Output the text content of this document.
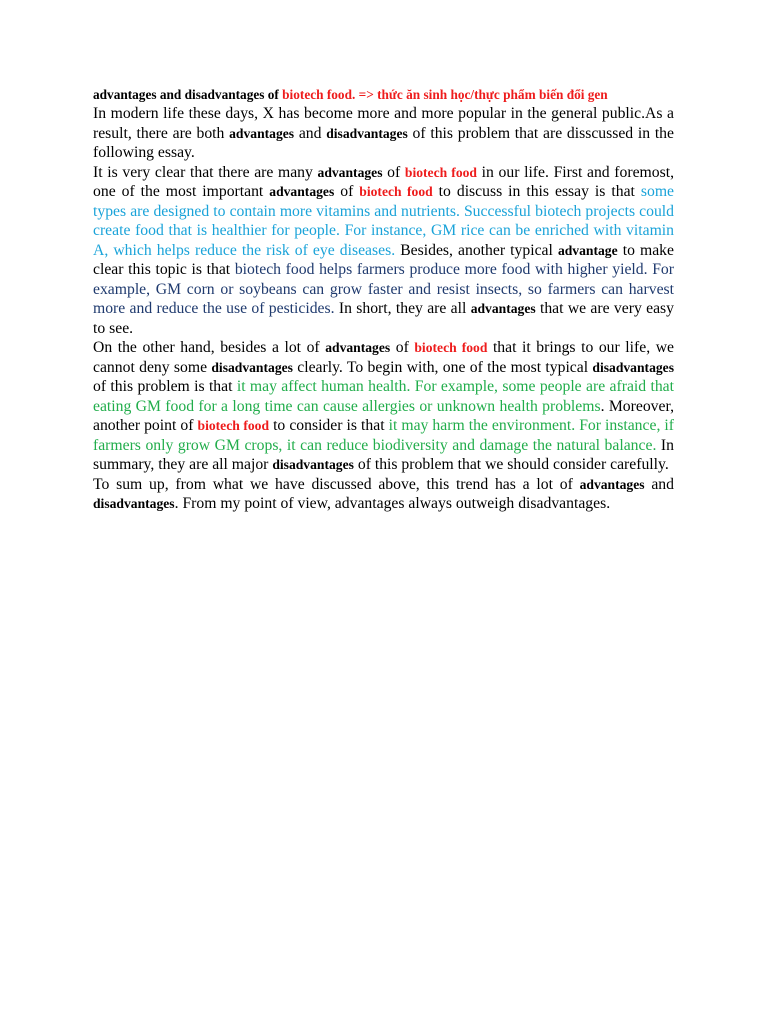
advantages and disadvantages of biotech food. => thức ăn sinh học/thực phẩm biến đổi gen

In modern life these days, X has become more and more popular in the general public.As a result, there are both advantages and disadvantages of this problem that are disscussed in the following essay.

It is very clear that there are many advantages of biotech food in our life. First and foremost, one of the most important advantages of biotech food to discuss in this essay is that some types are designed to contain more vitamins and nutrients. Successful biotech projects could create food that is healthier for people. For instance, GM rice can be enriched with vitamin A, which helps reduce the risk of eye diseases. Besides, another typical advantage to make clear this topic is that biotech food helps farmers produce more food with higher yield. For example, GM corn or soybeans can grow faster and resist insects, so farmers can harvest more and reduce the use of pesticides. In short, they are all advantages that we are very easy to see.

On the other hand, besides a lot of advantages of biotech food that it brings to our life, we cannot deny some disadvantages clearly. To begin with, one of the most typical disadvantages of this problem is that it may affect human health. For example, some people are afraid that eating GM food for a long time can cause allergies or unknown health problems. Moreover, another point of biotech food to consider is that it may harm the environment. For instance, if farmers only grow GM crops, it can reduce biodiversity and damage the natural balance. In summary, they are all major disadvantages of this problem that we should consider carefully.

To sum up, from what we have discussed above, this trend has a lot of advantages and disadvantages. From my point of view, advantages always outweigh disadvantages.
